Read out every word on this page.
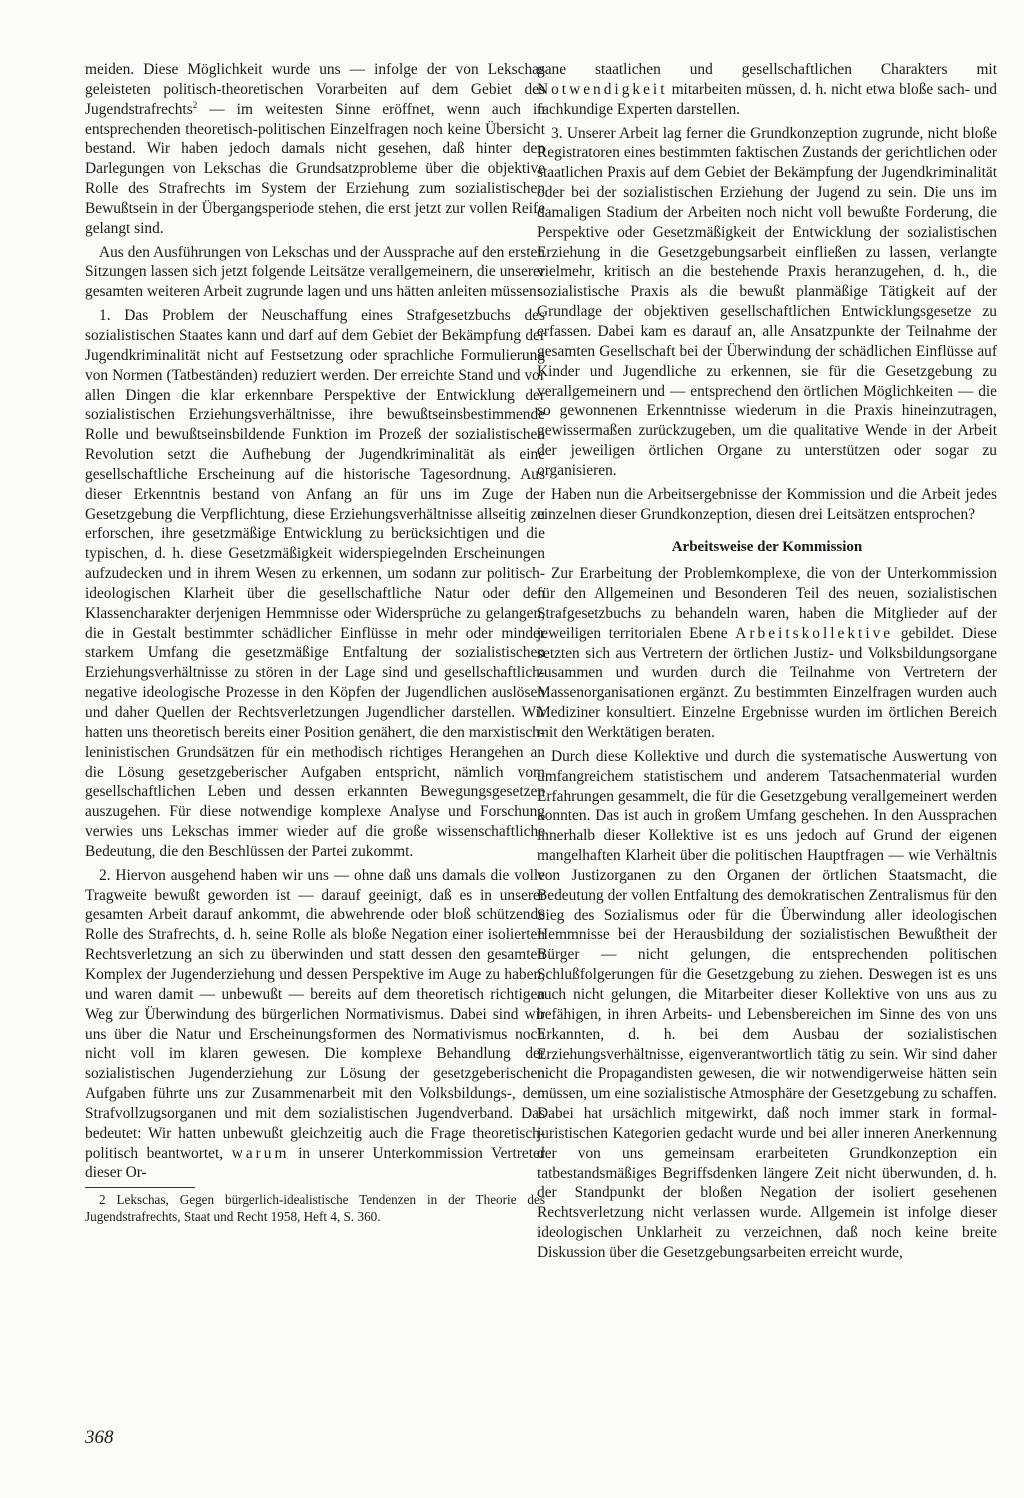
meiden. Diese Möglichkeit wurde uns — infolge der von Lekschas geleisteten politisch-theoretischen Vorarbeiten auf dem Gebiet des Jugendstrafrechts$^2$ — im weitesten Sinne eröffnet, wenn auch in entsprechenden theoretisch-politischen Einzelfragen noch keine Übersicht bestand. Wir haben jedoch damals nicht gesehen, daß hinter den Darlegungen von Lekschas die Grundsatzprobleme über die objektive Rolle des Strafrechts im System der Erziehung zum sozialistischen Bewußtsein in der Übergangsperiode stehen, die erst jetzt zur vollen Reife gelangt sind.

Aus den Ausführungen von Lekschas und der Aussprache auf den ersten Sitzungen lassen sich jetzt folgende Leitsätze verallgemeinern, die unserer gesamten weiteren Arbeit zugrunde lagen und uns hätten anleiten müssen:

1. Das Problem der Neuschaffung eines Strafgesetzbuchs des sozialistischen Staates kann und darf auf dem Gebiet der Bekämpfung der Jugendkriminalität nicht auf Festsetzung oder sprachliche Formulierung von Normen (Tatbeständen) reduziert werden. Der erreichte Stand und vor allen Dingen die klar erkennbare Perspektive der Entwicklung der sozialistischen Erziehungsverhältnisse, ihre bewußtseinsbestimmende Rolle und bewußtseinsbildende Funktion im Prozeß der sozialistischen Revolution setzt die Aufhebung der Jugendkriminalität als eine gesellschaftliche Erscheinung auf die historische Tagesordnung. Aus dieser Erkenntnis bestand von Anfang an für uns im Zuge der Gesetzgebung die Verpflichtung, diese Erziehungsverhältnisse allseitig zu erforschen, ihre gesetzmäßige Entwicklung zu berücksichtigen und die typischen, d. h. diese Gesetzmäßigkeit widerspiegelnden Erscheinungen aufzudecken und in ihrem Wesen zu erkennen, um sodann zur politisch-ideologischen Klarheit über die gesellschaftliche Natur oder den Klassencharakter derjenigen Hemmnisse oder Widersprüche zu gelangen, die in Gestalt bestimmter schädlicher Einflüsse in mehr oder minder starkem Umfang die gesetzmäßige Entfaltung der sozialistischen Erziehungsverhältnisse zu stören in der Lage sind und gesellschaftlich-negative ideologische Prozesse in den Köpfen der Jugendlichen auslösen und daher Quellen der Rechtsverletzungen Jugendlicher darstellen. Wir hatten uns theoretisch bereits einer Position genähert, die den marxistisch-leninistischen Grundsätzen für ein methodisch richtiges Herangehen an die Lösung gesetzgeberischer Aufgaben entspricht, nämlich vom gesellschaftlichen Leben und dessen erkannten Bewegungsgesetzen auszugehen. Für diese notwendige komplexe Analyse und Forschung verwies uns Lekschas immer wieder auf die große wissenschaftliche Bedeutung, die den Beschlüssen der Partei zukommt.

2. Hiervon ausgehend haben wir uns — ohne daß uns damals die volle Tragweite bewußt geworden ist — darauf geeinigt, daß es in unserer gesamten Arbeit darauf ankommt, die abwehrende oder bloß schützende Rolle des Strafrechts, d. h. seine Rolle als bloße Negation einer isolierten Rechtsverletzung an sich zu überwinden und statt dessen den gesamten Komplex der Jugenderziehung und dessen Perspektive im Auge zu haben, und waren damit — unbewußt — bereits auf dem theoretisch richtigen Weg zur Überwindung des bürgerlichen Normativismus. Dabei sind wir uns über die Natur und Erscheinungsformen des Normativismus noch nicht voll im klaren gewesen. Die komplexe Behandlung der sozialistischen Jugenderziehung zur Lösung der gesetzgeberischen Aufgaben führte uns zur Zusammenarbeit mit den Volksbildungs-, den Strafvollzugsorganen und mit dem sozialistischen Jugendverband. Das bedeutet: Wir hatten unbewußt gleichzeitig auch die Frage theoretisch-politisch beantwortet, warum in unserer Unterkommission Vertreter dieser Or-

2 Lekschas, Gegen bürgerlich-idealistische Tendenzen in der Theorie des Jugendstrafrechts, Staat und Recht 1958, Heft 4, S. 360.

gane staatlichen und gesellschaftlichen Charakters mit Notwendigkeit mitarbeiten müssen, d. h. nicht etwa bloße sach- und fachkundige Experten darstellen.

3. Unserer Arbeit lag ferner die Grundkonzeption zugrunde, nicht bloße Registratoren eines bestimmten faktischen Zustands der gerichtlichen oder staatlichen Praxis auf dem Gebiet der Bekämpfung der Jugendkriminalität oder bei der sozialistischen Erziehung der Jugend zu sein. Die uns im damaligen Stadium der Arbeiten noch nicht voll bewußte Forderung, die Perspektive oder Gesetzmäßigkeit der Entwicklung der sozialistischen Erziehung in die Gesetzgebungsarbeit einfließen zu lassen, verlangte vielmehr, kritisch an die bestehende Praxis heranzugehen, d. h., die sozialistische Praxis als die bewußt planmäßige Tätigkeit auf der Grundlage der objektiven gesellschaftlichen Entwicklungsgesetze zu erfassen. Dabei kam es darauf an, alle Ansatzpunkte der Teilnahme der gesamten Gesellschaft bei der Überwindung der schädlichen Einflüsse auf Kinder und Jugendliche zu erkennen, sie für die Gesetzgebung zu verallgemeinern und — entsprechend den örtlichen Möglichkeiten — die so gewonnenen Erkenntnisse wiederum in die Praxis hineinzutragen, gewissermaßen zurückzugeben, um die qualitative Wende in der Arbeit der jeweiligen örtlichen Organe zu unterstützen oder sogar zu organisieren.

Haben nun die Arbeitsergebnisse der Kommission und die Arbeit jedes einzelnen dieser Grundkonzeption, diesen drei Leitsätzen entsprochen?

Arbeitsweise der Kommission

Zur Erarbeitung der Problemkomplexe, die von der Unterkommission für den Allgemeinen und Besonderen Teil des neuen, sozialistischen Strafgesetzbuchs zu behandeln waren, haben die Mitglieder auf der jeweiligen territorialen Ebene Arbeitskollektive gebildet. Diese setzten sich aus Vertretern der örtlichen Justiz- und Volksbildungsorgane zusammen und wurden durch die Teilnahme von Vertretern der Massenorganisationen ergänzt. Zu bestimmten Einzelfragen wurden auch Mediziner konsultiert. Einzelne Ergebnisse wurden im örtlichen Bereich mit den Werktätigen beraten.

Durch diese Kollektive und durch die systematische Auswertung von umfangreichem statistischem und anderem Tatsachenmaterial wurden Erfahrungen gesammelt, die für die Gesetzgebung verallgemeinert werden konnten. Das ist auch in großem Umfang geschehen. In den Aussprachen innerhalb dieser Kollektive ist es uns jedoch auf Grund der eigenen mangelhaften Klarheit über die politischen Hauptfragen — wie Verhältnis von Justizorganen zu den Organen der örtlichen Staatsmacht, die Bedeutung der vollen Entfaltung des demokratischen Zentralismus für den Sieg des Sozialismus oder für die Überwindung aller ideologischen Hemmnisse bei der Herausbildung der sozialistischen Bewußtheit der Bürger — nicht gelungen, die entsprechenden politischen Schlußfolgerungen für die Gesetzgebung zu ziehen. Deswegen ist es uns auch nicht gelungen, die Mitarbeiter dieser Kollektive von uns aus zu befähigen, in ihren Arbeits- und Lebensbereichen im Sinne des von uns Erkannten, d. h. bei dem Ausbau der sozialistischen Erziehungsverhältnisse, eigenverantwortlich tätig zu sein. Wir sind daher nicht die Propagandisten gewesen, die wir notwendigerweise hätten sein müssen, um eine sozialistische Atmosphäre der Gesetzgebung zu schaffen. Dabei hat ursächlich mitgewirkt, daß noch immer stark in formal-juristischen Kategorien gedacht wurde und bei aller inneren Anerkennung der von uns gemeinsam erarbeiteten Grundkonzeption ein tatbestandsmäßiges Begriffsdenken längere Zeit nicht überwunden, d. h. der Standpunkt der bloßen Negation der isoliert gesehenen Rechtsverletzung nicht verlassen wurde. Allgemein ist infolge dieser ideologischen Unklarheit zu verzeichnen, daß noch keine breite Diskussion über die Gesetzgebungsarbeiten erreicht wurde,

368
